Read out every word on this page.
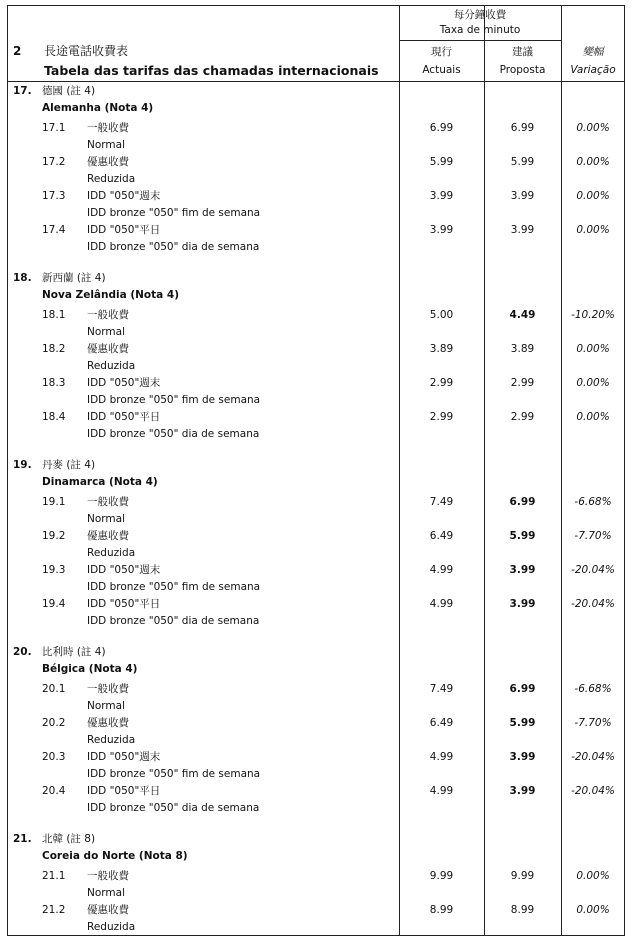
2 長途電話收費表
Tabela das tarifas das chamadas internacionais
每分鐘收費
Taxa de minuto
現行
Actuais
建議
Proposta
變幅
Variação
17. 德國 (註 4)
Alemanha (Nota 4)
17.1 一般收費
Normal
6.99	6.99	0.00%
17.2 優惠收費
Reduzida
5.99	5.99	0.00%
17.3 IDD "050"週末
IDD bronze "050" fim de semana
3.99	3.99	0.00%
17.4 IDD "050"平日
IDD bronze "050" dia de semana
3.99	3.99	0.00%
18. 新西蘭 (註 4)
Nova Zelândia (Nota 4)
18.1 一般收費
Normal
5.00	4.49	-10.20%
18.2 優惠收費
Reduzida
3.89	3.89	0.00%
18.3 IDD "050"週末
IDD bronze "050" fim de semana
2.99	2.99	0.00%
18.4 IDD "050"平日
IDD bronze "050" dia de semana
2.99	2.99	0.00%
19. 丹麥 (註 4)
Dinamarca (Nota 4)
19.1 一般收費
Normal
7.49	6.99	-6.68%
19.2 優惠收費
Reduzida
6.49	5.99	-7.70%
19.3 IDD "050"週末
IDD bronze "050" fim de semana
4.99	3.99	-20.04%
19.4 IDD "050"平日
IDD bronze "050" dia de semana
4.99	3.99	-20.04%
20. 比利時 (註 4)
Bélgica (Nota 4)
20.1 一般收費
Normal
7.49	6.99	-6.68%
20.2 優惠收費
Reduzida
6.49	5.99	-7.70%
20.3 IDD "050"週末
IDD bronze "050" fim de semana
4.99	3.99	-20.04%
20.4 IDD "050"平日
IDD bronze "050" dia de semana
4.99	3.99	-20.04%
21. 北韓 (註 8)
Coreia do Norte (Nota 8)
21.1 一般收費
Normal
9.99	9.99	0.00%
21.2 優惠收費
Reduzida
8.99	8.99	0.00%
